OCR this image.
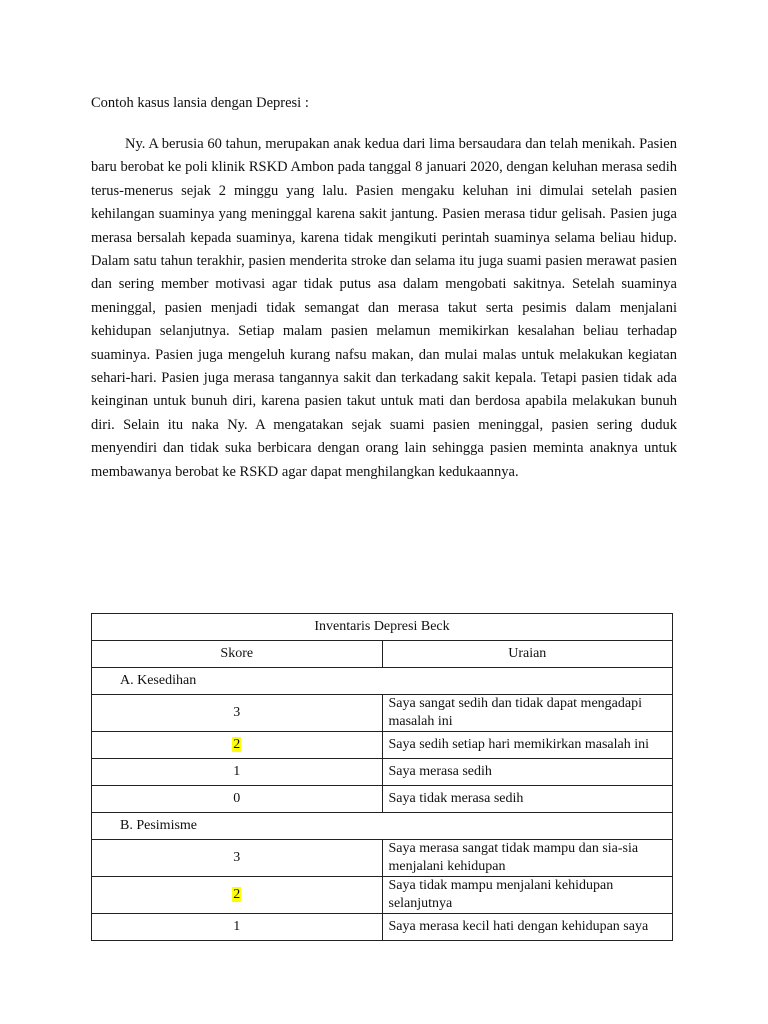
Contoh kasus lansia dengan Depresi :

Ny. A berusia 60 tahun, merupakan anak kedua dari lima bersaudara dan telah menikah. Pasien baru berobat ke poli klinik RSKD Ambon pada tanggal 8 januari 2020, dengan keluhan merasa sedih terus-menerus sejak 2 minggu yang lalu. Pasien mengaku keluhan ini dimulai setelah pasien kehilangan suaminya yang meninggal karena sakit jantung. Pasien merasa tidur gelisah. Pasien juga merasa bersalah kepada suaminya, karena tidak mengikuti perintah suaminya selama beliau hidup. Dalam satu tahun terakhir, pasien menderita stroke dan selama itu juga suami pasien merawat pasien dan sering member motivasi agar tidak putus asa dalam mengobati sakitnya. Setelah suaminya meninggal, pasien menjadi tidak semangat dan merasa takut serta pesimis dalam menjalani kehidupan selanjutnya. Setiap malam pasien melamun memikirkan kesalahan beliau terhadap suaminya. Pasien juga mengeluh kurang nafsu makan, dan mulai malas untuk melakukan kegiatan sehari-hari. Pasien juga merasa tangannya sakit dan terkadang sakit kepala. Tetapi pasien tidak ada keinginan untuk bunuh diri, karena pasien takut untuk mati dan berdosa apabila melakukan bunuh diri. Selain itu naka Ny. A mengatakan sejak suami pasien meninggal, pasien sering duduk menyendiri dan tidak suka berbicara dengan orang lain sehingga pasien meminta anaknya untuk membawanya berobat ke RSKD agar dapat menghilangkan kedukaannya.

Inventaris Depresi Beck	
Skore	Uraian
A. Kesedihan	
3	Saya sangat sedih dan tidak dapat mengadapi masalah ini
2	Saya sedih setiap hari memikirkan masalah ini
1	Saya merasa sedih
0	Saya tidak merasa sedih
B. Pesimisme	
3	Saya merasa sangat tidak mampu dan sia-sia menjalani kehidupan
2	Saya tidak mampu menjalani kehidupan selanjutnya
1	Saya merasa kecil hati dengan kehidupan saya
